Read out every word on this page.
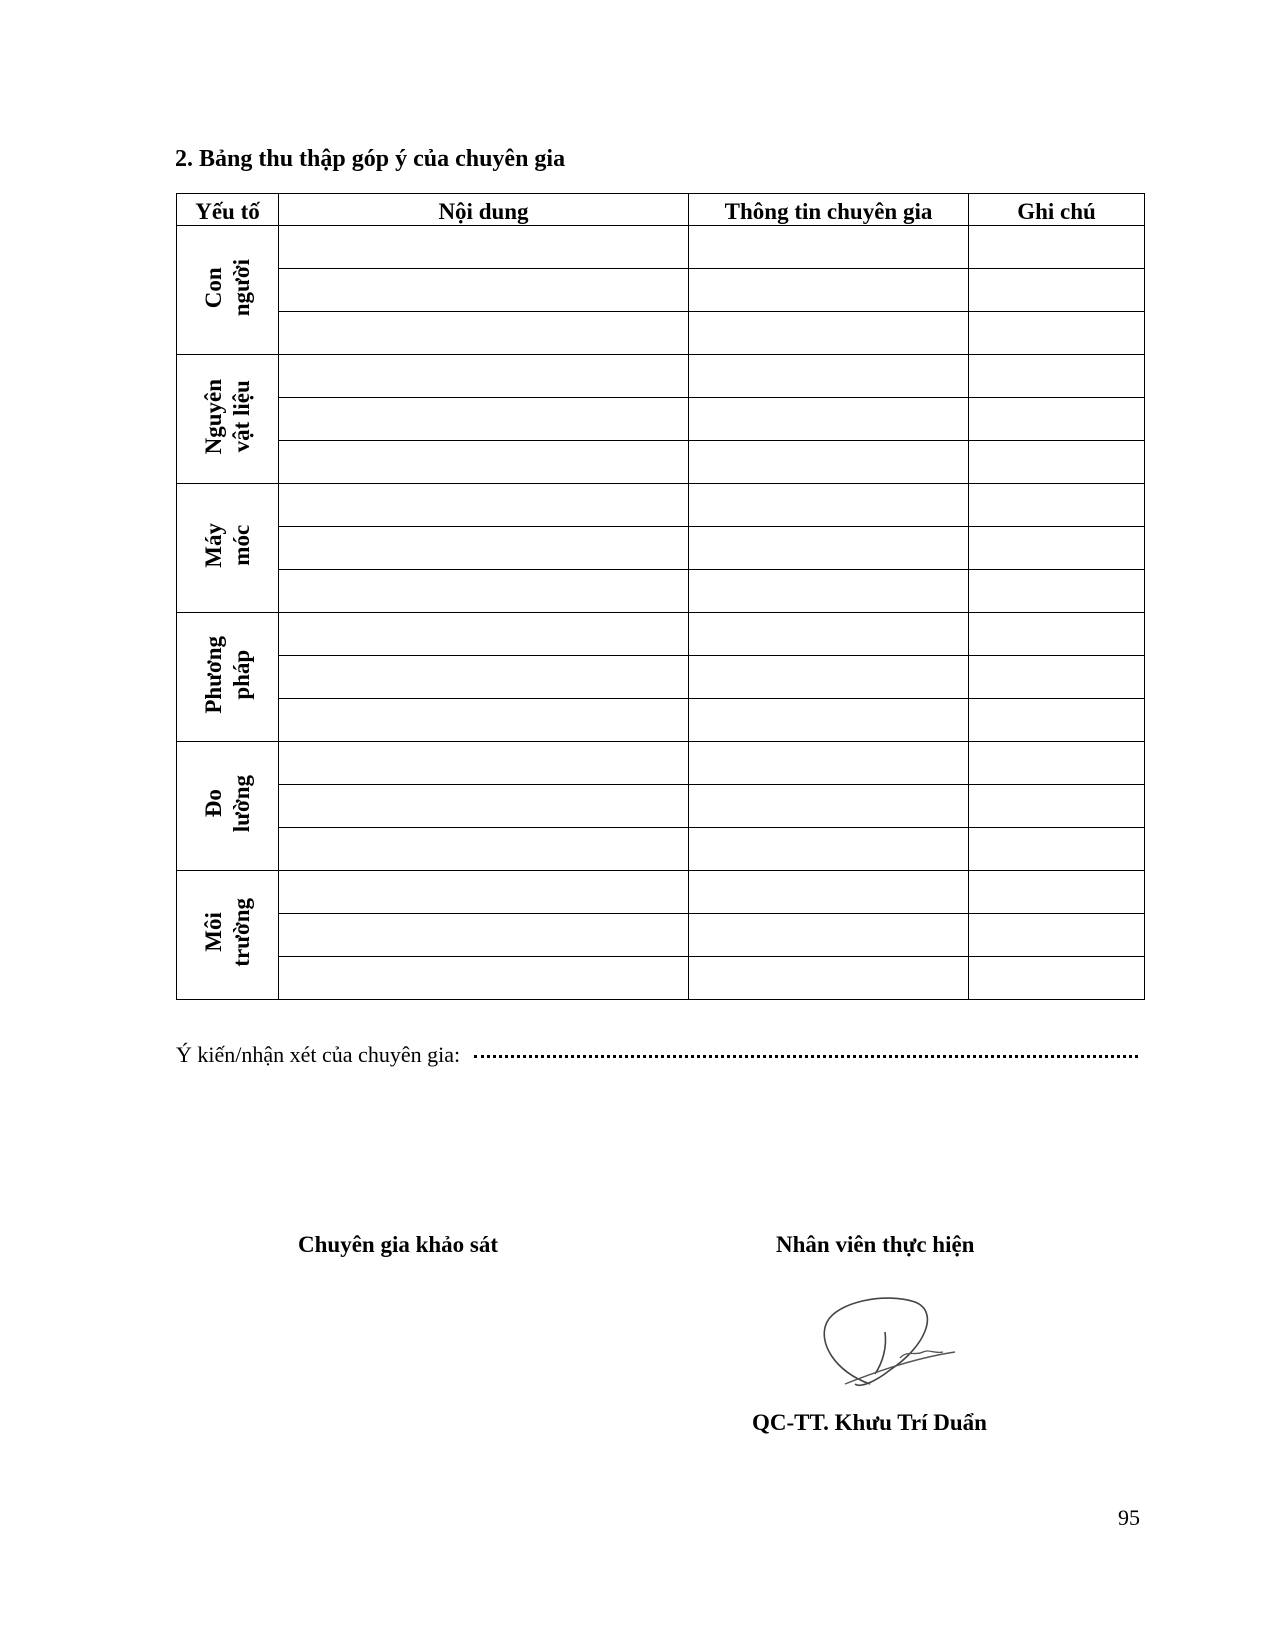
2. Bảng thu thập góp ý của chuyên gia
Yếu tố	Nội dung	Thông tin chuyên gia	Ghi chú
Con người			

Nguyên vật liệu			

Máy móc			

Phương pháp			

Đo lường			

Môi trường			

Ý kiến/nhận xét của chuyên gia:
Chuyên gia khảo sát	Nhân viên thực hiện
QC-TT. Khưu Trí Duẩn
95
